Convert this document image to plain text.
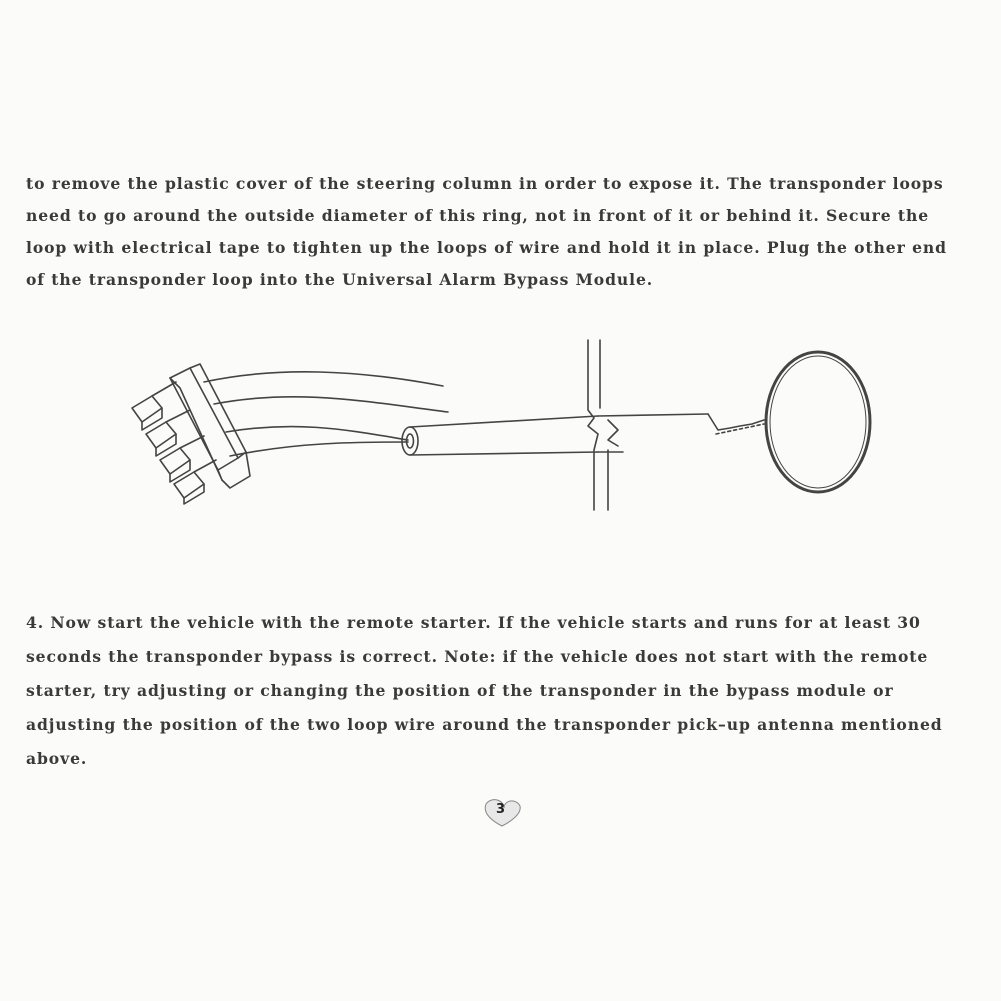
to remove the plastic cover of the steering column in order to expose it. The transponder loops
need to go around the outside diameter of this ring, not in front of it or behind it. Secure the
loop with electrical tape to tighten up the loops of wire and hold it in place. Plug the other end
of the transponder loop into the Universal Alarm Bypass Module.
4. Now start the vehicle with the remote starter. If the vehicle starts and runs for at least 30
seconds the transponder bypass is correct. Note: if the vehicle does not start with the remote
starter, try adjusting or changing the position of the transponder in the bypass module or
adjusting the position of the two loop wire around the transponder pick–up antenna mentioned
above.
3
